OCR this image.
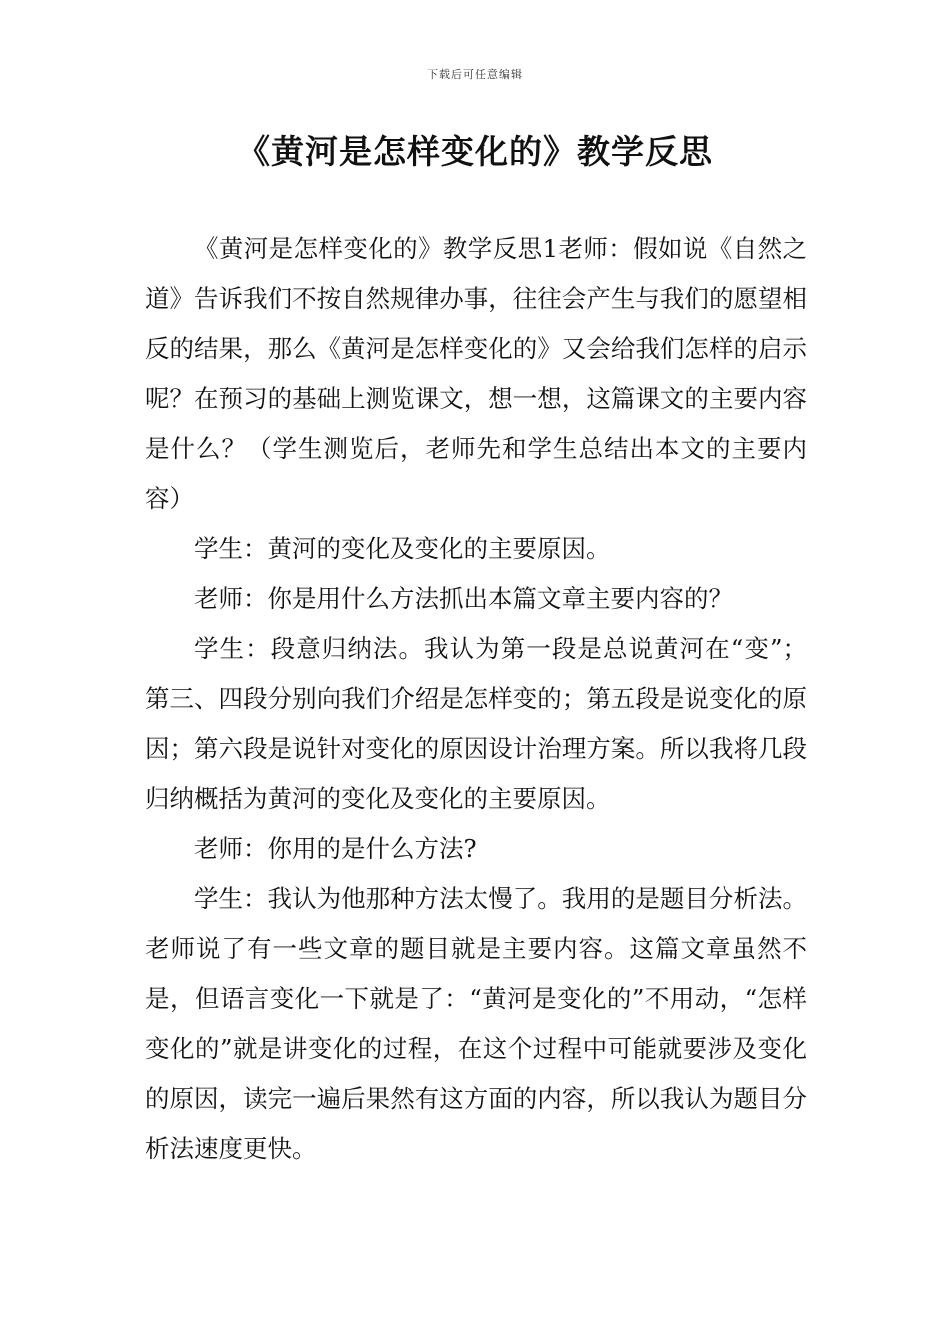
下载后可任意编辑
《黄河是怎样变化的》教学反思

《黄河是怎样变化的》教学反思1老师：假如说《自然之道》告诉我们不按自然规律办事，往往会产生与我们的愿望相反的结果，那么《黄河是怎样变化的》又会给我们怎样的启示呢？在预习的基础上测览课文，想一想，这篇课文的主要内容是什么？（学生测览后，老师先和学生总结出本文的主要内容）

学生：黄河的变化及变化的主要原因。

老师：你是用什么方法抓出本篇文章主要内容的？

学生：段意归纳法。我认为第一段是总说黄河在“变”；第三、四段分别向我们介绍是怎样变的；第五段是说变化的原因；第六段是说针对变化的原因设计治理方案。所以我将几段归纳概括为黄河的变化及变化的主要原因。

老师：你用的是什么方法?

学生：我认为他那种方法太慢了。我用的是题目分析法。老师说了有一些文章的题目就是主要内容。这篇文章虽然不是，但语言变化一下就是了：“黄河是变化的”不用动，“怎样变化的”就是讲变化的过程，在这个过程中可能就要涉及变化的原因，读完一遍后果然有这方面的内容，所以我认为题目分析法速度更快。
